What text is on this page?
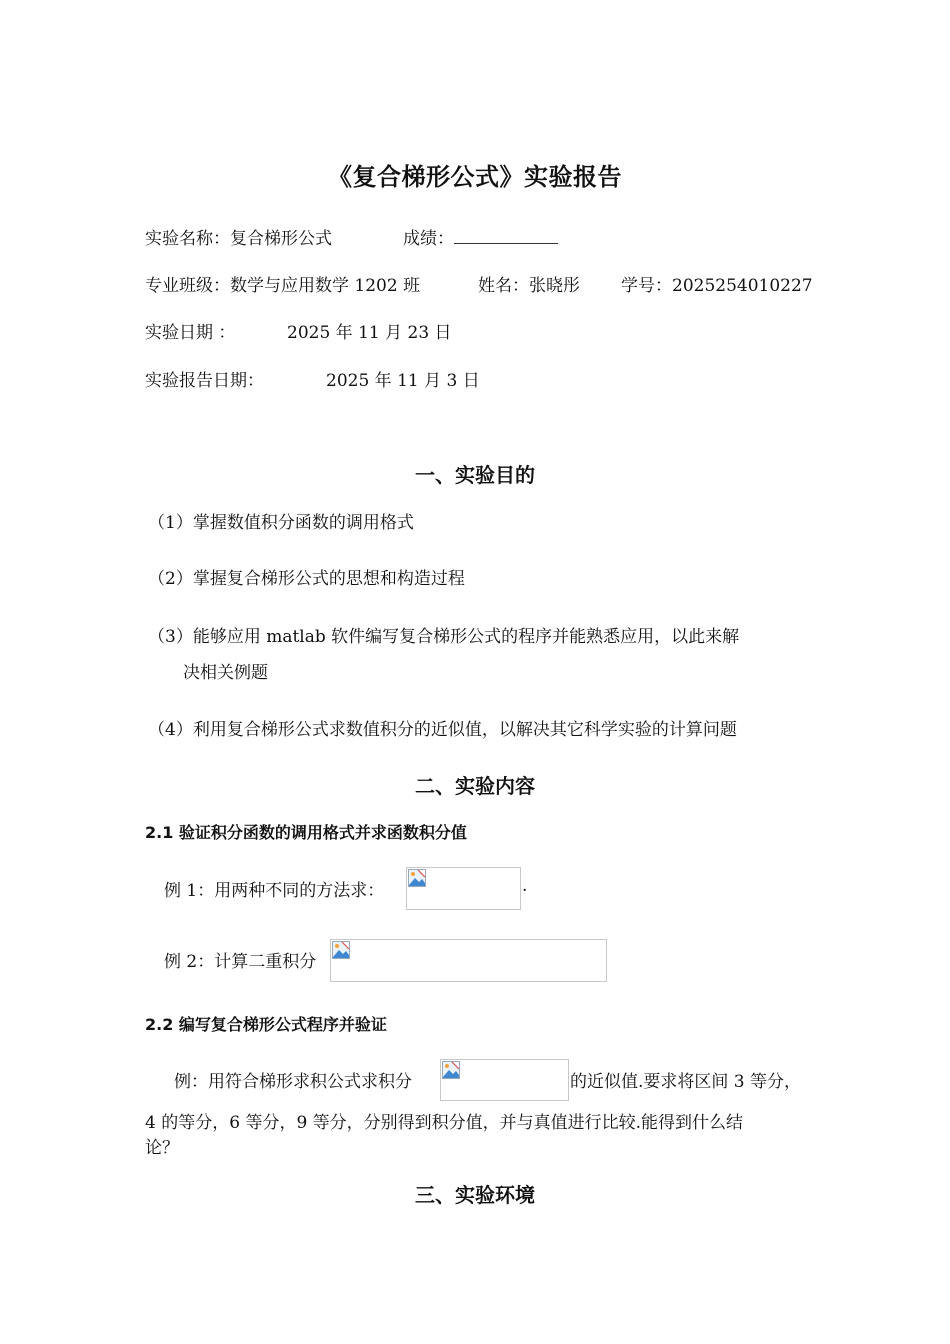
《复合梯形公式》实验报告
实验名称：复合梯形公式	成绩：
专业班级：数学与应用数学 1202 班	姓名：张晓彤 学号：2025254010227
实验日期 ：	2025 年 11 月 23 日
实验报告日期：	2025 年 11 月 3 日
一、实验目的
（1）掌握数值积分函数的调用格式
（2）掌握复合梯形公式的思想和构造过程
（3）能够应用 matlab 软件编写复合梯形公式的程序并能熟悉应用，以此来解
决相关例题
（4）利用复合梯形公式求数值积分的近似值，以解决其它科学实验的计算问题
二、实验内容
2.1 验证积分函数的调用格式并求函数积分值
例 1：用两种不同的方法求：	.
例 2：计算二重积分
2.2 编写复合梯形公式程序并验证
例：用符合梯形求积公式求积分	的近似值.要求将区间 3 等分，
4 的等分，6 等分，9 等分，分别得到积分值，并与真值进行比较.能得到什么结
论？
三、实验环境
